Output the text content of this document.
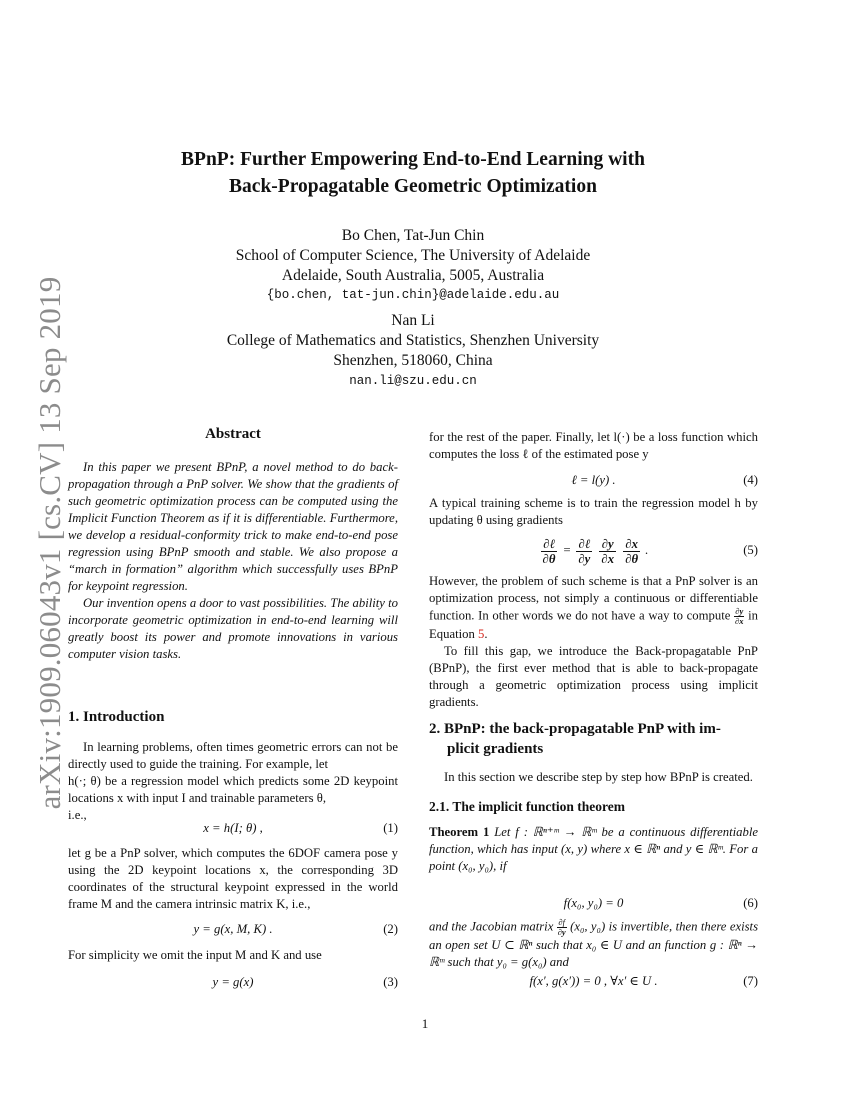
arXiv:1909.06043v1 [cs.CV] 13 Sep 2019
BPnP: Further Empowering End-to-End Learning with
Back-Propagatable Geometric Optimization
Bo Chen, Tat-Jun Chin
School of Computer Science, The University of Adelaide
Adelaide, South Australia, 5005, Australia
{bo.chen, tat-jun.chin}@adelaide.edu.au
Nan Li
College of Mathematics and Statistics, Shenzhen University
Shenzhen, 518060, China
nan.li@szu.edu.cn

Abstract

In this paper we present BPnP, a novel method to do back-propagation through a PnP solver. We show that the gradients of such geometric optimization process can be computed using the Implicit Function Theorem as if it is differentiable. Furthermore, we develop a residual-conformity trick to make end-to-end pose regression using BPnP smooth and stable. We also propose a “march in formation” algorithm which successfully uses BPnP for keypoint regression.

Our invention opens a door to vast possibilities. The ability to incorporate geometric optimization in end-to-end learning will greatly boost its power and promote innovations in various computer vision tasks.

1. Introduction

In learning problems, often times geometric errors can not be directly used to guide the training. For example, let

h(·; θ) be a regression model which predicts some 2D keypoint locations x with input I and trainable parameters θ,

i.e.,

x = h(I; θ) ,	(1)

let g be a PnP solver, which computes the 6DOF camera pose y using the 2D keypoint locations x, the corresponding 3D coordinates of the structural keypoint expressed in the world frame M and the camera intrinsic matrix K, i.e.,

y = g(x, M, K) .	(2)

For simplicity we omit the input M and K and use

y = g(x)	(3)

for the rest of the paper. Finally, let l(·) be a loss function which computes the loss ℓ of the estimated pose y

ℓ = l(y) .	(4)

A typical training scheme is to train the regression model h by updating θ using gradients

$\frac{\text{∂ℓ}}{\partial\theta} = \frac{\text{∂ℓ}}{\partial y}$
$\frac{\partial y}{\partial x}$
$\frac{\partial x}{\partial\theta}$ .	(5)

However, the problem of such scheme is that a PnP solver is an optimization process, not simply a continuous or differentiable function. In other words we do not have a way to compute $\frac{\partial y}{\partial x}$ in Equation 5.

To fill this gap, we introduce the Back-propagatable PnP (BPnP), the first ever method that is able to back-propagate through a geometric optimization process using implicit gradients.

2. BPnP: the back-propagatable PnP with im-

plicit gradients

In this section we describe step by step how BPnP is created.

2.1. The implicit function theorem

Theorem 1 Let f : ℝⁿ⁺ᵐ → ℝᵐ be a continuous differentiable function, which has input (x, y) where x ∈ ℝⁿ and y ∈ ℝᵐ. For a point (x₀, y₀), if

f(x₀, y₀) = 0	(6)

and the Jacobian matrix $\frac{\partial f}{\partial y} (x_0$, y₀) is invertible, then there exists an open set U ⊂ ℝⁿ such that x₀ ∈ U and an function g : ℝⁿ → ℝᵐ such that y₀ = g(x₀) and

f(x′, g(x′)) = 0 , ∀x′ ∈ U .	(7)
1
